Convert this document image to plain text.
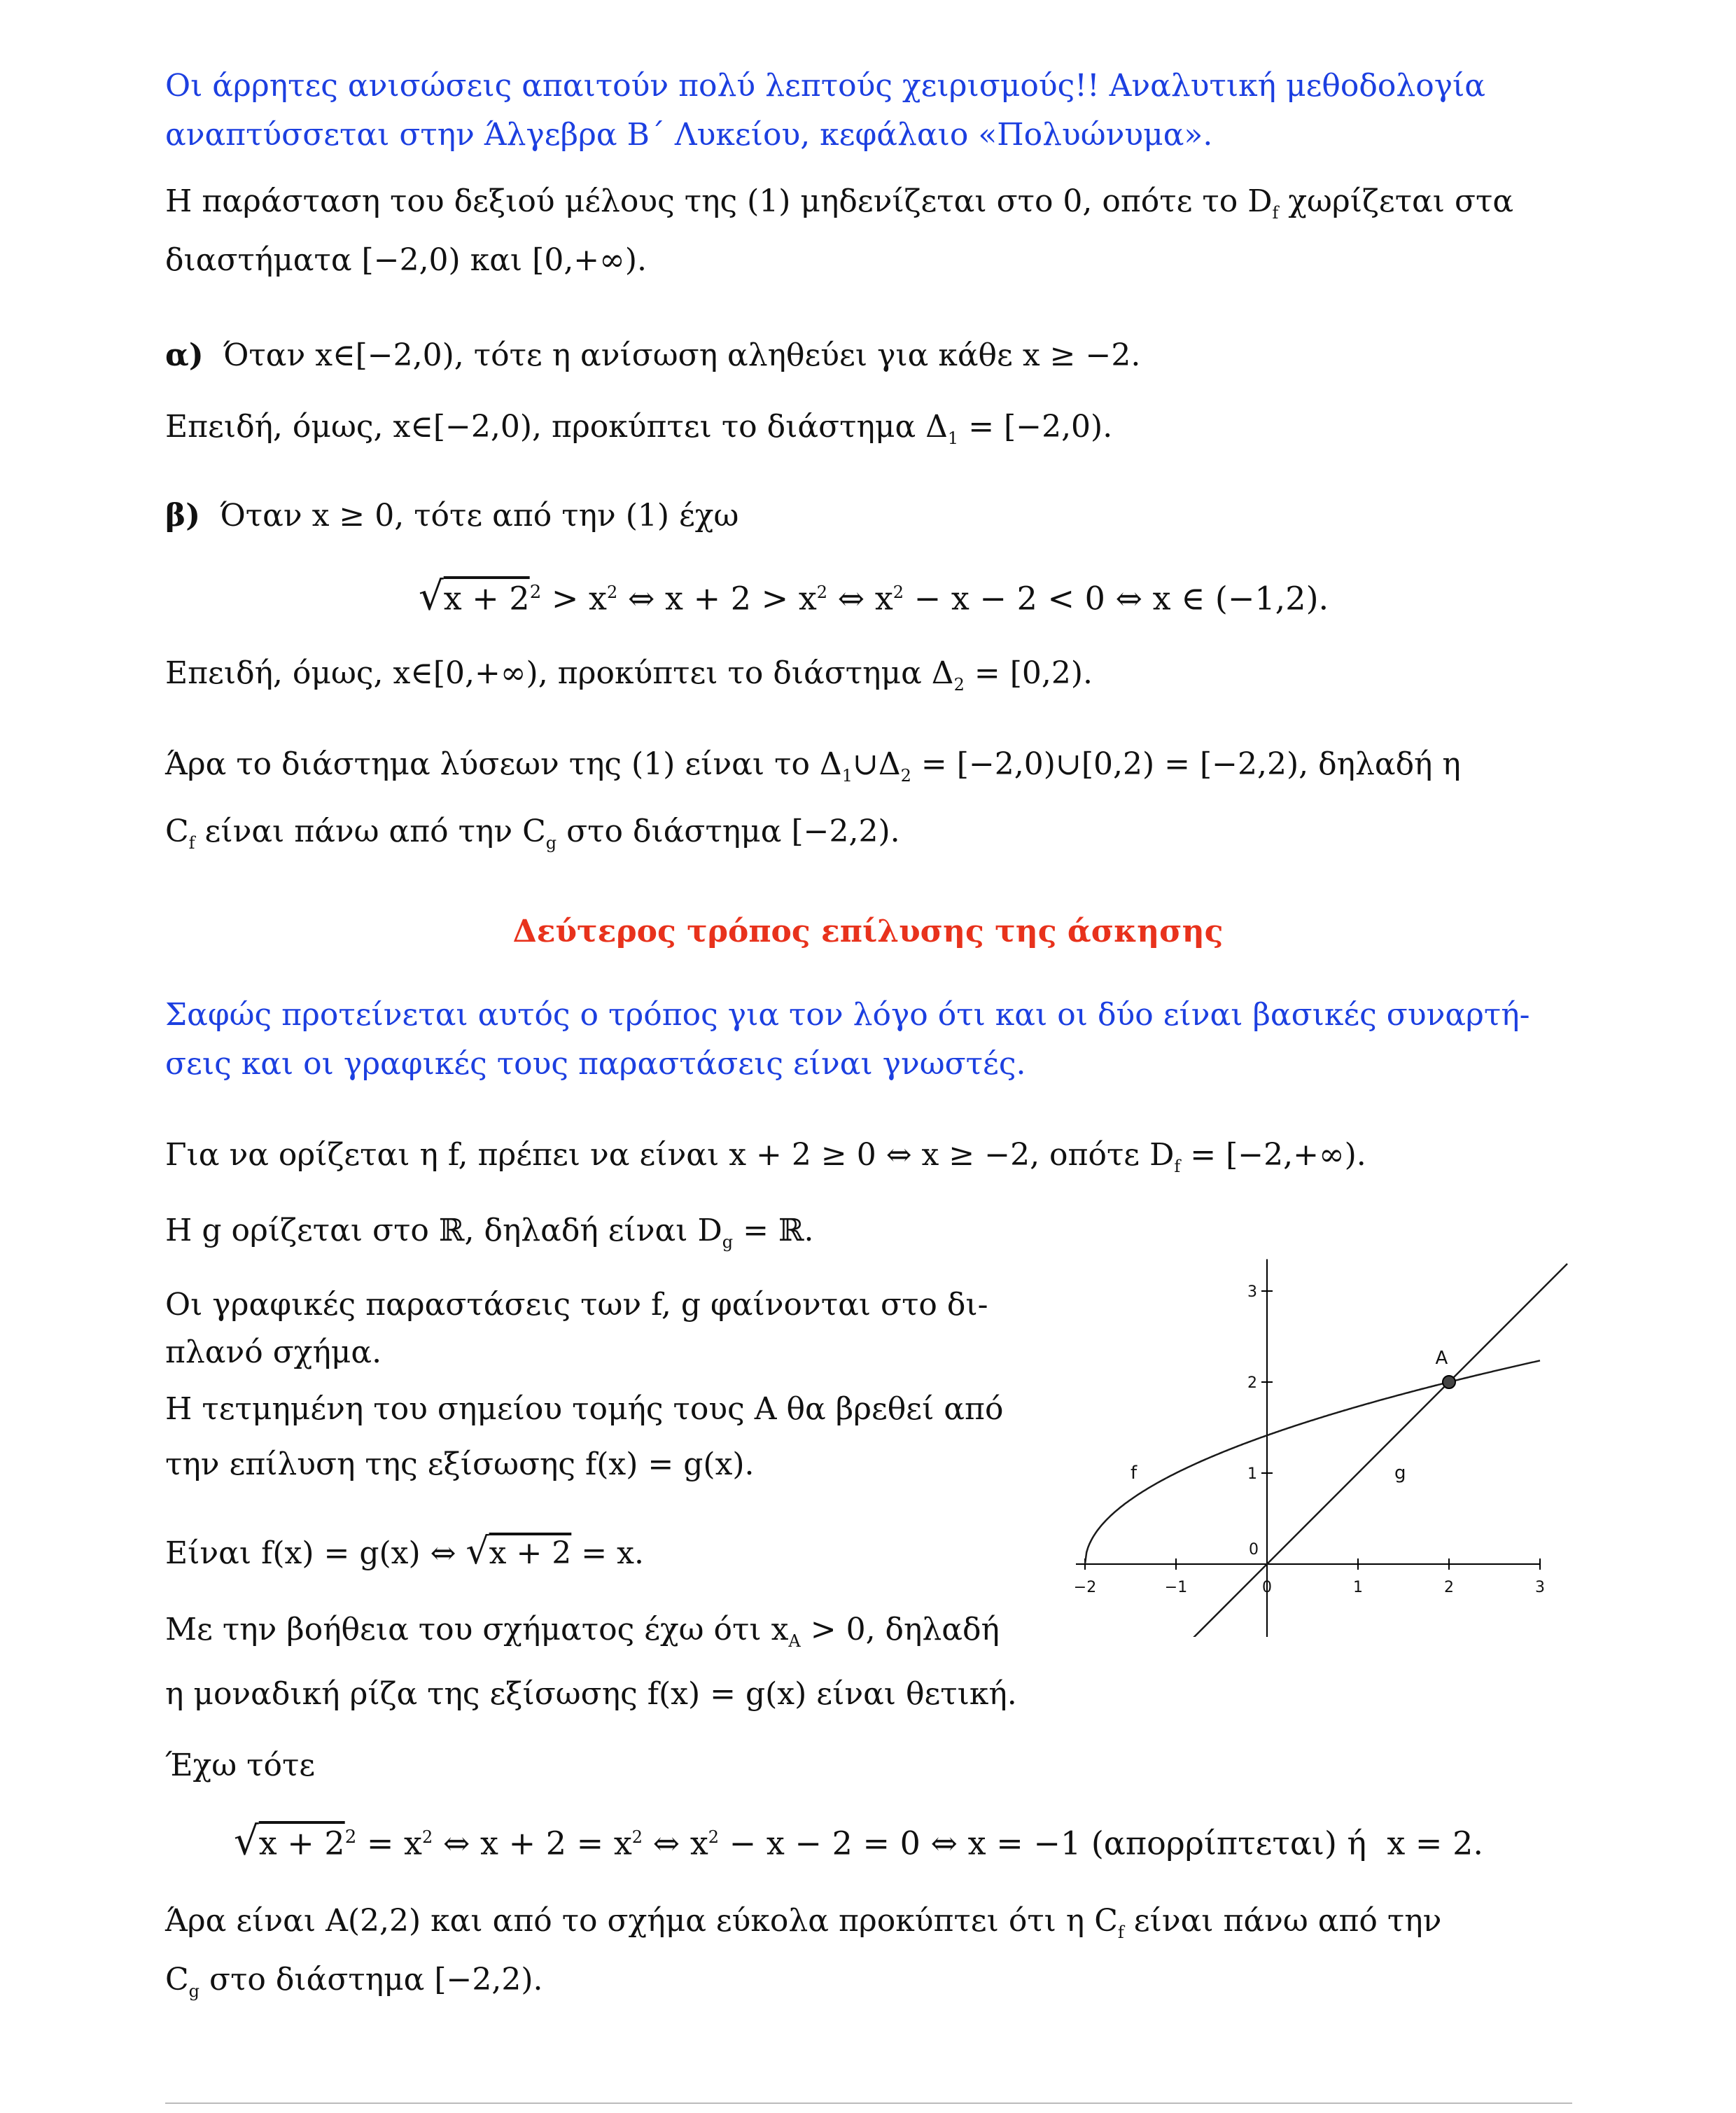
Οι άρρητες ανισώσεις απαιτούν πολύ λεπτούς χειρισμούς!! Αναλυτική μεθοδολογία
αναπτύσσεται στην Άλγεβρα Β΄ Λυκείου, κεφάλαιο «Πολυώνυμα».
Η παράσταση του δεξιού μέλους της (1) μηδενίζεται στο 0, οπότε το $D_f$ χωρίζεται στα
διαστήματα [−2,0) και [0,+∞).
α)  Όταν x∈[−2,0), τότε η ανίσωση αληθεύει για κάθε x ≥ −2.
Επειδή, όμως, x∈[−2,0), προκύπτει το διάστημα $\Delta_1 = [-2,0)$.
β)  Όταν x ≥ 0, τότε από την (1) έχω
$√x + 2^2 > x^2$ ⇔ $x + 2 > x^2$ ⇔ $x^2 - x - 2 < 0$ ⇔ x ∈ (−1,2).
Επειδή, όμως, x∈[0,+∞), προκύπτει το διάστημα $\Delta_2 = [0,2)$.
Άρα το διάστημα λύσεων της (1) είναι το $\Delta_1\cup\Delta_2$ = [−2,0)∪[0,2) = [−2,2), δηλαδή η
$C_f$ είναι πάνω από την $C_g$ στο διάστημα [−2,2).
Δεύτερος τρόπος επίλυσης της άσκησης
Σαφώς προτείνεται αυτός ο τρόπος για τον λόγο ότι και οι δύο είναι βασικές συναρτή-
σεις και οι γραφικές τους παραστάσεις είναι γνωστές.
Για να ορίζεται η f, πρέπει να είναι x + 2 ≥ 0 ⇔ x ≥ −2, οπότε $D_f = [-2,+\infty)$.
Η g ορίζεται στο ℝ, δηλαδή είναι $D_g$ = ℝ.
Οι γραφικές παραστάσεις των f, g φαίνονται στο δι-
πλανό σχήμα.
Η τετμημένη του σημείου τομής τους A θα βρεθεί από
την επίλυση της εξίσωσης f(x) = g(x).
Είναι f(x) = g(x) ⇔ √x + 2 = x.
Με την βοήθεια του σχήματος έχω ότι $x_A > 0$, δηλαδή
η μοναδική ρίζα της εξίσωσης f(x) = g(x) είναι θετική.
Έχω τότε
$√x + 2^2 = x^2$ ⇔ $x + 2 = x^2$ ⇔ $x^2 - x - 2 = 0$ ⇔ x = −1 (απορρίπτεται) ή  x = 2.
Άρα είναι A(2,2) και από το σχήμα εύκολα προκύπτει ότι η $C_f$ είναι πάνω από την
$C_g$ στο διάστημα [−2,2).
−2	−1	0	1	2	3
1
2
3
0
f	g
A
